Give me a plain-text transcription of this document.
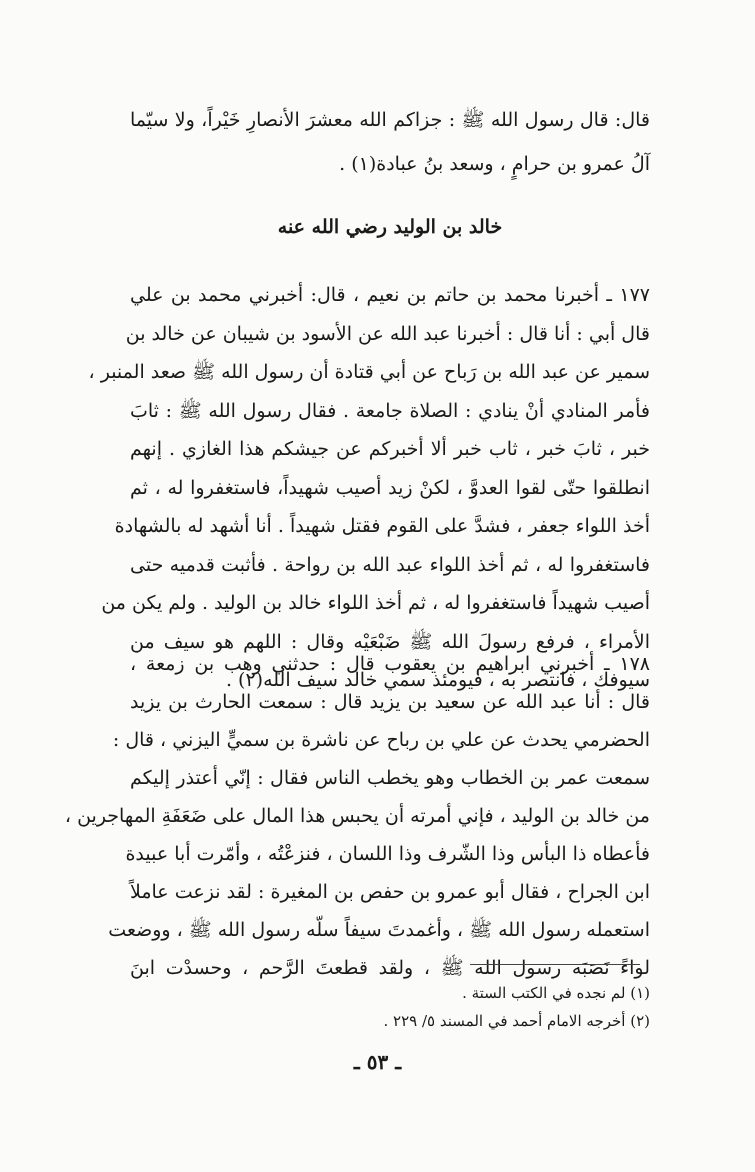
قال: قال رسول الله ﷺ : جزاكم الله معشرَ الأنصارِ خَيْراً، ولا سيّما
آلُ عمرو بن حرامٍ ، وسعد بنُ عبادة(١) .
خالد بن الوليد رضي الله عنه
١٧٧ ـ أخبرنا محمد بن حاتم بن نعيم ، قال: أخبرني محمد بن علي
قال أبي : أنا قال : أخبرنا عبد الله عن الأسود بن شيبان عن خالد بن
سمير عن عبد الله بن رَباح عن أبي قتادة أن رسول الله ﷺ صعد المنبر ،
فأمر المنادي أنْ ينادي : الصلاة جامعة . فقال رسول الله ﷺ : ثابَ
خبر ، ثابَ خبر ، ثاب خبر ألا أخبركم عن جيشكم هذا الغازي . إنهم
انطلقوا حتّى لقوا العدوَّ ، لكنْ زيد أصيب شهيداً، فاستغفروا له ، ثم
أخذ اللواء جعفر ، فشدَّ على القوم فقتل شهيداً . أنا أشهد له بالشهادة
فاستغفروا له ، ثم أخذ اللواء عبد الله بن رواحة . فأثبت قدميه حتى
أصيب شهيداً فاستغفروا له ، ثم أخذ اللواء خالد بن الوليد . ولم يكن من
الأمراء ، فرفع رسولَ الله ﷺ ضَبْعَيْه وقال : اللهم هو سيف من
سيوفك ، فانتصر به ، فيومئذ سمي خالد سيف الله(٢) .
١٧٨ ـ أخبرني ابراهيم بن يعقوب قال : حدثني وهب بن زمعة ،
قال : أنا عبد الله عن سعيد بن يزيد قال : سمعت الحارث بن يزيد
الحضرمي يحدث عن علي بن رباح عن ناشرة بن سميٍّ اليزني ، قال :
سمعت عمر بن الخطاب وهو يخطب الناس فقال : إنّي أعتذر إليكم
من خالد بن الوليد ، فإني أمرته أن يحبس هذا المال على ضَعَفَةِ المهاجرين ،
فأعطاه ذا البأس وذا الشّرف وذا اللسان ، فنزعْتُه ، وأمّرت أبا عبيدة
ابن الجراح ، فقال أبو عمرو بن حفص بن المغيرة : لقد نزعت عاملاً
استعمله رسول الله ﷺ ، وأغمدتَ سيفاً سلّه رسول الله ﷺ ، ووضعت
لواءً نَصَبَه رسول الله ﷺ ، ولقد قطعتَ الرَّحم ، وحسدْت ابنَ
(١) لم نجده في الكتب الستة .
(٢) أخرجه الامام أحمد في المسند ٥/ ٢٢٩ .
ـ ٥٣ ـ
